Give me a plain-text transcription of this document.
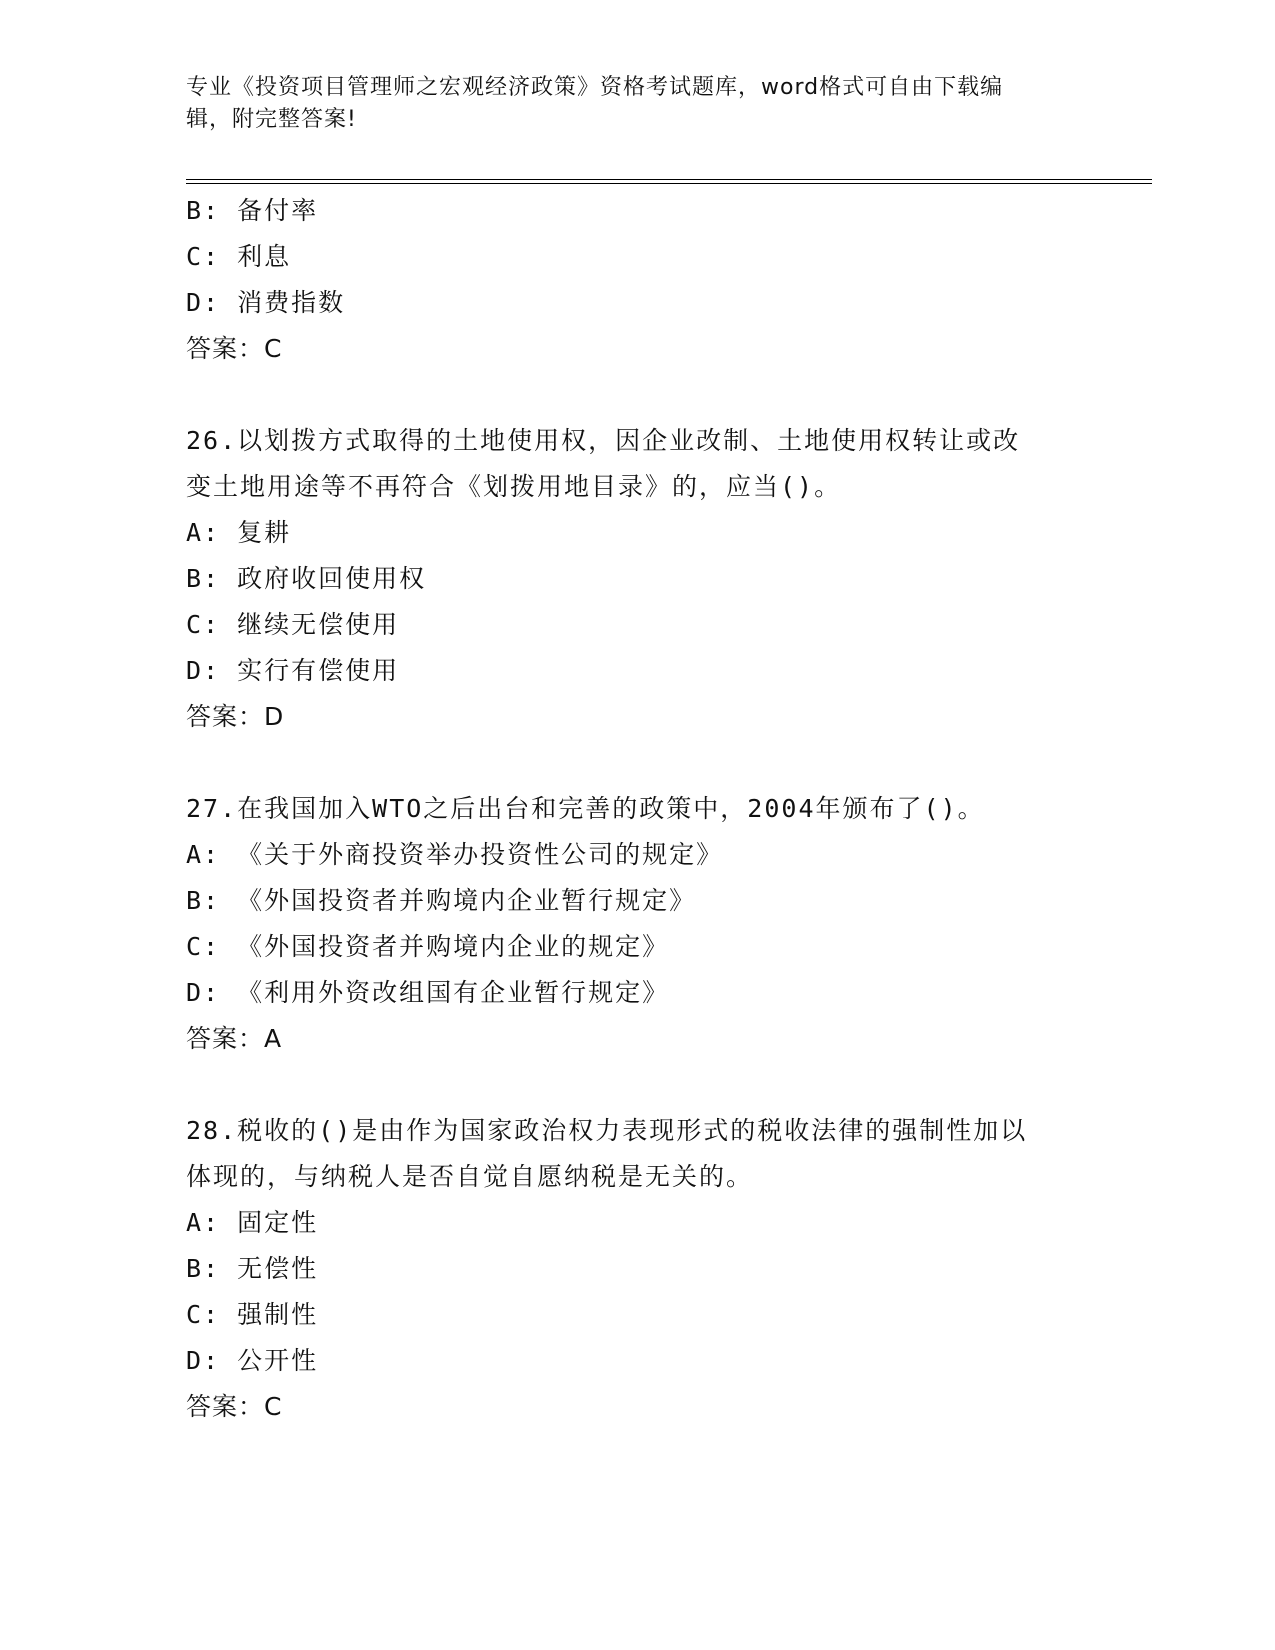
专业《投资项目管理师之宏观经济政策》资格考试题库，word格式可自由下载编
辑，附完整答案!
B: 备付率
C: 利息
D: 消费指数
答案：C
26.以划拨方式取得的土地使用权，因企业改制、土地使用权转让或改
变土地用途等不再符合《划拨用地目录》的，应当()。
A: 复耕
B: 政府收回使用权
C: 继续无偿使用
D: 实行有偿使用
答案：D
27.在我国加入WTO之后出台和完善的政策中，2004年颁布了()。
A: 《关于外商投资举办投资性公司的规定》
B: 《外国投资者并购境内企业暂行规定》
C: 《外国投资者并购境内企业的规定》
D: 《利用外资改组国有企业暂行规定》
答案：A
28.税收的()是由作为国家政治权力表现形式的税收法律的强制性加以
体现的，与纳税人是否自觉自愿纳税是无关的。
A: 固定性
B: 无偿性
C: 强制性
D: 公开性
答案：C
